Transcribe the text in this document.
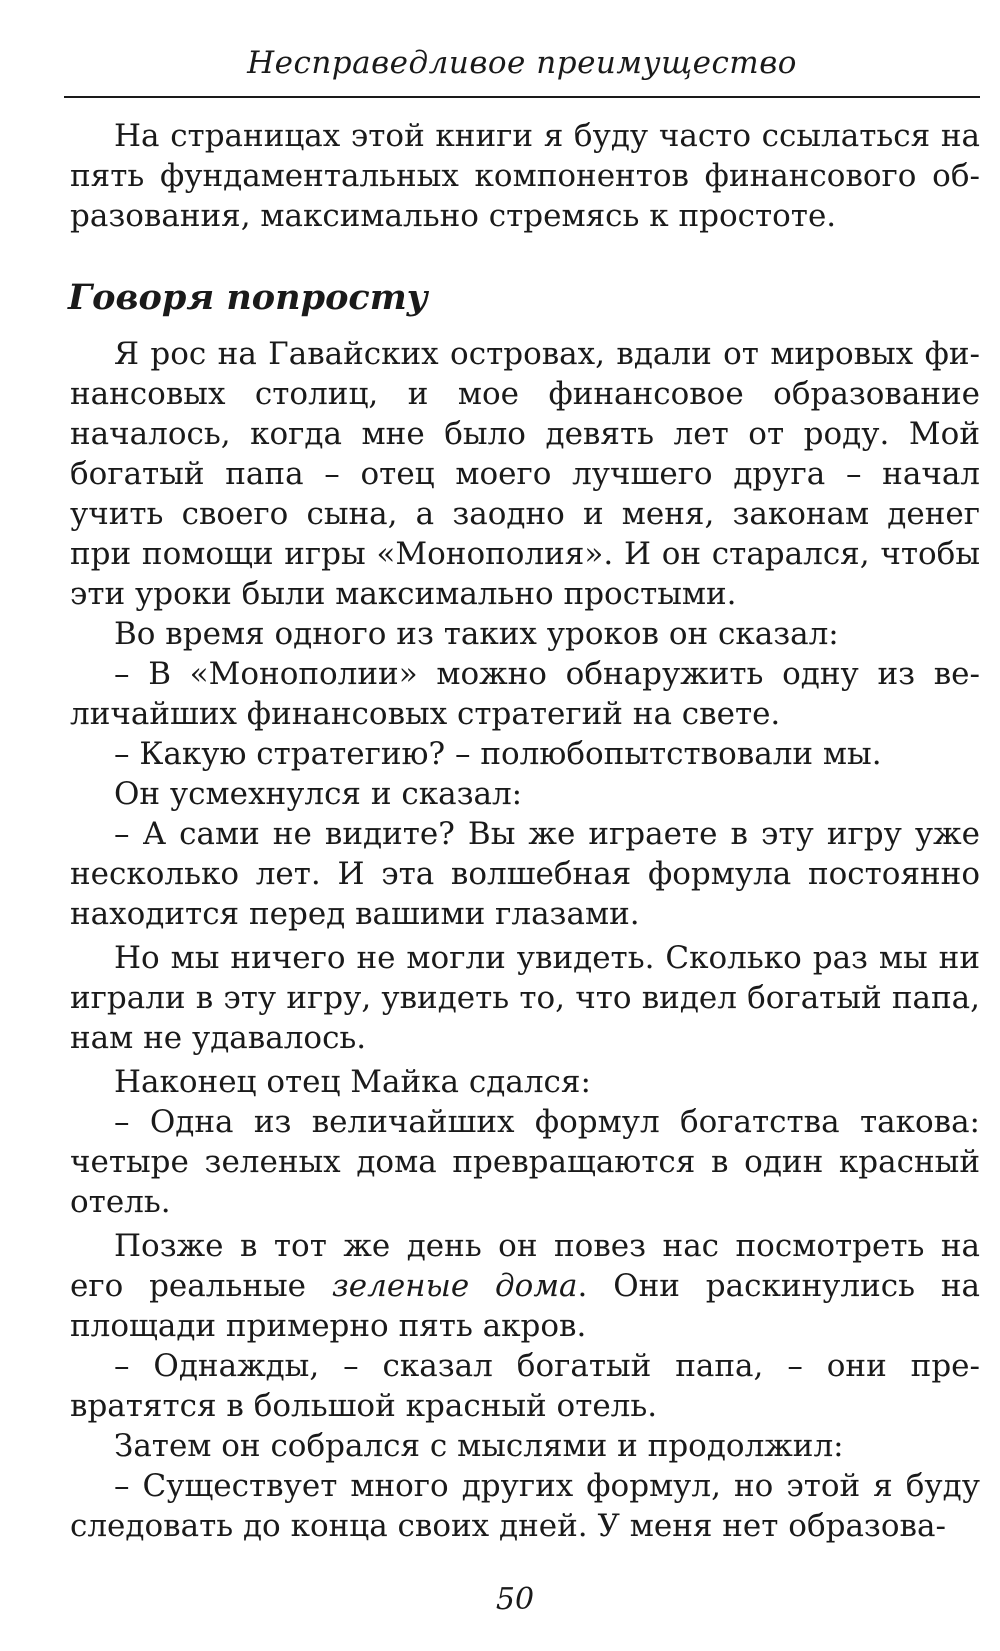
Несправедливое преимущество

На страницах этой книги я буду часто ссылаться на пять фундаментальных компонентов финансового образования, максимально стремясь к простоте.

Говоря попросту

Я рос на Гавайских островах, вдали от мировых финансовых столиц, и мое финансовое образование началось, когда мне было девять лет от роду. Мой богатый папа – отец моего лучшего друга – начал учить своего сына, а заодно и меня, законам денег при помощи игры «Монополия». И он старался, чтобы эти уроки были максимально простыми.

Во время одного из таких уроков он сказал:

– В «Монополии» можно обнаружить одну из величайших финансовых стратегий на свете.

– Какую стратегию? – полюбопытствовали мы.

Он усмехнулся и сказал:

– А сами не видите? Вы же играете в эту игру уже несколько лет. И эта волшебная формула постоянно находится перед вашими глазами.

Но мы ничего не могли увидеть. Сколько раз мы ни играли в эту игру, увидеть то, что видел богатый папа, нам не удавалось.

Наконец отец Майка сдался:

– Одна из величайших формул богатства такова: четыре зеленых дома превращаются в один красный отель.

Позже в тот же день он повез нас посмотреть на его реальные зеленые дома. Они раскинулись на площади примерно пять акров.

– Однажды, – сказал богатый папа, – они превратятся в большой красный отель.

Затем он собрался с мыслями и продолжил:

– Существует много других формул, но этой я буду следовать до конца своих дней. У меня нет образова-

50
